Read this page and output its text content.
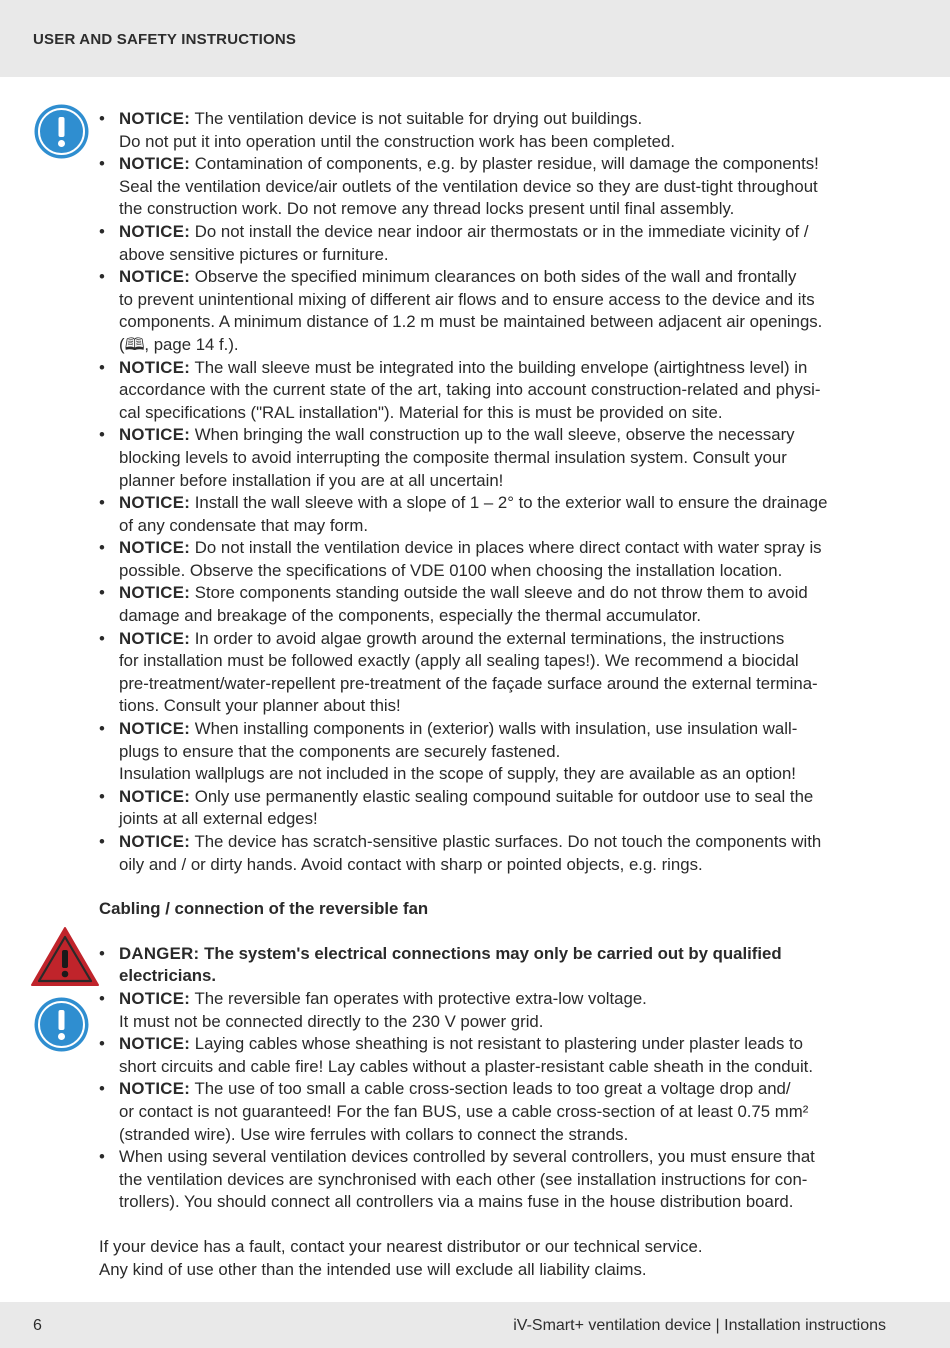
USER AND SAFETY INSTRUCTIONS
• NOTICE: The ventilation device is not suitable for drying out buildings.
Do not put it into operation until the construction work has been completed.
• NOTICE: Contamination of components, e.g. by plaster residue, will damage the components!
Seal the ventilation device/air outlets of the ventilation device so they are dust-tight throughout
the construction work. Do not remove any thread locks present until final assembly.
• NOTICE: Do not install the device near indoor air thermostats or in the immediate vicinity of /
above sensitive pictures or furniture.
• NOTICE: Observe the specified minimum clearances on both sides of the wall and frontally
to prevent unintentional mixing of different air flows and to ensure access to the device and its
components. A minimum distance of 1.2 m must be maintained between adjacent air openings.
(🕮, page 14 f.).
• NOTICE: The wall sleeve must be integrated into the building envelope (airtightness level) in
accordance with the current state of the art, taking into account construction-related and physi-
cal specifications ("RAL installation"). Material for this is must be provided on site.
• NOTICE: When bringing the wall construction up to the wall sleeve, observe the necessary
blocking levels to avoid interrupting the composite thermal insulation system. Consult your
planner before installation if you are at all uncertain!
• NOTICE: Install the wall sleeve with a slope of 1 – 2° to the exterior wall to ensure the drainage
of any condensate that may form.
• NOTICE: Do not install the ventilation device in places where direct contact with water spray is
possible. Observe the specifications of VDE 0100 when choosing the installation location.
• NOTICE: Store components standing outside the wall sleeve and do not throw them to avoid
damage and breakage of the components, especially the thermal accumulator.
• NOTICE: In order to avoid algae growth around the external terminations, the instructions
for installation must be followed exactly (apply all sealing tapes!). We recommend a biocidal
pre-treatment/water-repellent pre-treatment of the façade surface around the external termina-
tions. Consult your planner about this!
• NOTICE: When installing components in (exterior) walls with insulation, use insulation wall-
plugs to ensure that the components are securely fastened.
Insulation wallplugs are not included in the scope of supply, they are available as an option!
• NOTICE: Only use permanently elastic sealing compound suitable for outdoor use to seal the
joints at all external edges!
• NOTICE: The device has scratch-sensitive plastic surfaces. Do not touch the components with
oily and / or dirty hands. Avoid contact with sharp or pointed objects, e.g. rings.
Cabling / connection of the reversible fan
• DANGER: The system's electrical connections may only be carried out by qualified
electricians.
• NOTICE: The reversible fan operates with protective extra-low voltage.
It must not be connected directly to the 230 V power grid.
• NOTICE: Laying cables whose sheathing is not resistant to plastering under plaster leads to
short circuits and cable fire! Lay cables without a plaster-resistant cable sheath in the conduit.
• NOTICE: The use of too small a cable cross-section leads to too great a voltage drop and/
or contact is not guaranteed! For the fan BUS, use a cable cross-section of at least 0.75 mm²
(stranded wire). Use wire ferrules with collars to connect the strands.
• When using several ventilation devices controlled by several controllers, you must ensure that
the ventilation devices are synchronised with each other (see installation instructions for con-
trollers). You should connect all controllers via a mains fuse in the house distribution board.
If your device has a fault, contact your nearest distributor or our technical service.
Any kind of use other than the intended use will exclude all liability claims.
6	iV-Smart+ ventilation device | Installation instructions
